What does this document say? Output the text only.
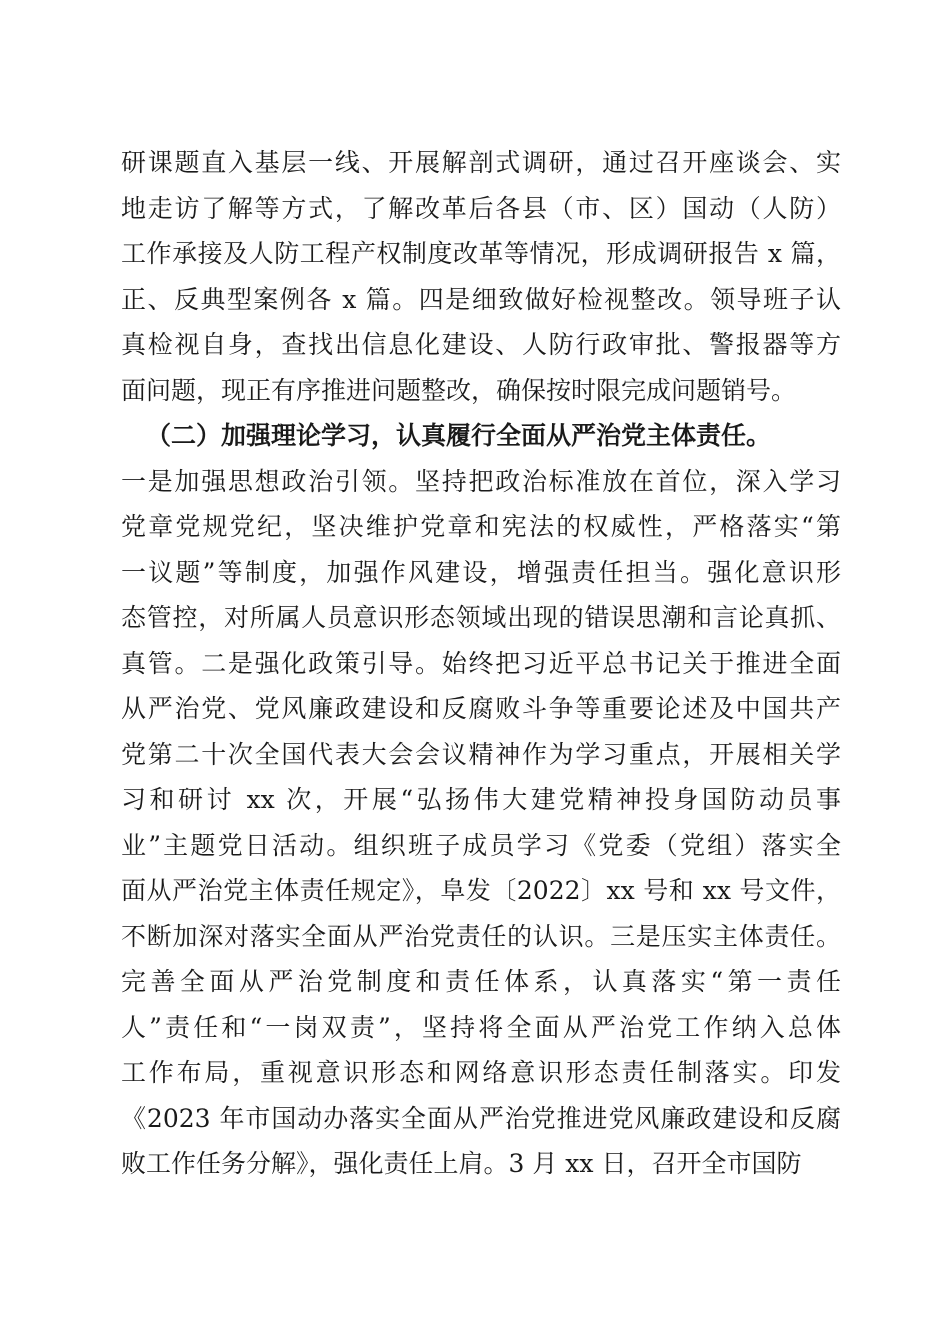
研课题直入基层一线、开展解剖式调研，通过召开座谈会、实
地走访了解等方式，了解改革后各县（市、区）国动（人防）
工作承接及人防工程产权制度改革等情况，形成调研报告 x 篇，
正、反典型案例各 x 篇。四是细致做好检视整改。领导班子认
真检视自身，查找出信息化建设、人防行政审批、警报器等方
面问题，现正有序推进问题整改，确保按时限完成问题销号。
（二）加强理论学习，认真履行全面从严治党主体责任。
一是加强思想政治引领。坚持把政治标准放在首位，深入学习
党章党规党纪，坚决维护党章和宪法的权威性，严格落实“第
一议题”等制度，加强作风建设，增强责任担当。强化意识形
态管控，对所属人员意识形态领域出现的错误思潮和言论真抓、
真管。二是强化政策引导。始终把习近平总书记关于推进全面
从严治党、党风廉政建设和反腐败斗争等重要论述及中国共产
党第二十次全国代表大会会议精神作为学习重点，开展相关学
习和研讨 xx 次，开展“弘扬伟大建党精神投身国防动员事
业”主题党日活动。组织班子成员学习《党委（党组）落实全
面从严治党主体责任规定》，阜发〔2022〕xx 号和 xx 号文件，
不断加深对落实全面从严治党责任的认识。三是压实主体责任。
完善全面从严治党制度和责任体系，认真落实“第一责任
人”责任和“一岗双责”，坚持将全面从严治党工作纳入总体
工作布局，重视意识形态和网络意识形态责任制落实。印发
《2023 年市国动办落实全面从严治党推进党风廉政建设和反腐
败工作任务分解》，强化责任上肩。3 月 xx 日，召开全市国防
